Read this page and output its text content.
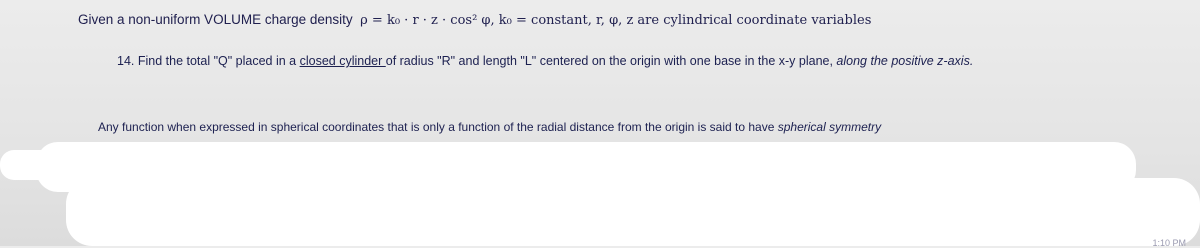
Given a non-uniform VOLUME charge density ρ = k₀ · r · z · cos² φ, k₀ = constant, r, φ, z are cylindrical coordinate variables
14. Find the total "Q" placed in a closed cylinder of radius "R" and length "L" centered on the origin with one base in the x-y plane, along the positive z-axis.
Any function when expressed in spherical coordinates that is only a function of the radial distance from the origin is said to have spherical symmetry
1:10 PM
